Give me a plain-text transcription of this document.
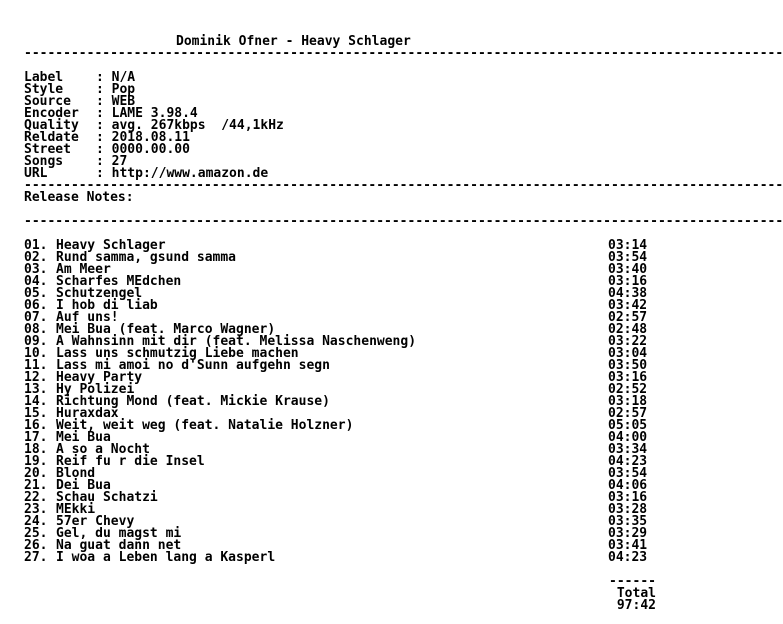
Dominik Ofner - Heavy Schlager
-------------------------------------------------------------------------------------------------
Label	: N/A
Style	: Pop
Source : WEB
Encoder : LAME 3.98.4
Quality : avg. 267kbps  /44,1kHz
Reldate : 2018.08.11
Street : 0000.00.00
Songs	: 27
URL	: http://www.amazon.de
-------------------------------------------------------------------------------------------------
Release Notes:
-------------------------------------------------------------------------------------------------
01. Heavy Schlager	03:14
02. Rund samma, gsund samma	03:54
03. Am Meer	03:40
04. Scharfes MEdchen	03:16
05. Schutzengel	04:38
06. I hob di liab	03:42
07. Auf uns!	02:57
08. Mei Bua (feat. Marco Wagner)	02:48
09. A Wahnsinn mit dir (feat. Melissa Naschenweng)	03:22
10. Lass uns schmutzig Liebe machen	03:04
11. Lass mi amoi no d'Sunn aufgehn segn	03:50
12. Heavy Party	03:16
13. Hy Polizei	02:52
14. Richtung Mond (feat. Mickie Krause)	03:18
15. Huraxdax	02:57
16. Weit, weit weg (feat. Natalie Holzner)	05:05
17. Mei Bua	04:00
18. A so a Nocht	03:34
19. Reif fu r die Insel	04:23
20. Blond	03:54
21. Dei Bua	04:06
22. Schau Schatzi	03:16
23. MEkki	03:28
24. 57er Chevy	03:35
25. Gel, du magst mi	03:29
26. Na guat dann net	03:41
27. I woa a Leben lang a Kasperl	04:23
------
Total
97:42
